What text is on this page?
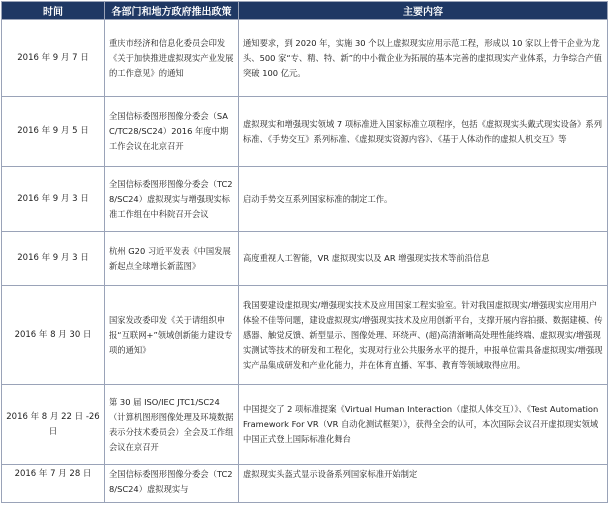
时间	各部门和地方政府推出政策	主要内容
2016 年 9 月 7 日	重庆市经济和信息化委员会印发《关于加快推进虚拟现实产业发展的工作意见》的通知	通知要求，到 2020 年，实施 30 个以上虚拟现实应用示范工程，形成以 10 家以上骨干企业为龙头、500 家“专、精、特、新”的中小微企业为拓展的基本完善的虚拟现实产业体系，力争综合产值突破 100 亿元。
2016 年 9 月 5 日	全国信标委图形图像分委会（SAC/TC28/SC24）2016 年度中期工作会议在北京召开	虚拟现实和增强现实领域 7 项标准进入国家标准立项程序，包括《虚拟现实头戴式现实设备》系列标准、《手势交互》系列标准、《虚拟现实资源内容》、《基于人体动作的虚拟人机交互》等
2016 年 9 月 3 日	全国信标委图形图像分委会（TC28/SC24）虚拟现实与增强现实标准工作组在中科院召开会议	启动手势交互系列国家标准的制定工作。
2016 年 9 月 3 日	杭州 G20 习近平发表《中国发展新起点全球增长新蓝图》	高度重视人工智能，VR 虚拟现实以及 AR 增强现实技术等前沿信息
2016 年 8 月 30 日	国家发改委印发《关于请组织申报“互联网+”领域创新能力建设专项的通知》	我国要建设虚拟现实/增强现实技术及应用国家工程实验室。针对我国虚拟现实/增强现实应用用户体验不佳等问题，建设虚拟现实/增强现实技术及应用创新平台，支撑开展内容拍摄、数据建模、传感器、触觉反馈、新型显示、图像处理、环绕声、(超)高清渐晰高处理性能终端、虚拟现实/增强现实测试等技术的研发和工程化，实现对行业公共服务水平的提升，申报单位需具备虚拟现实/增强现实产品集成研发和产业化能力，并在体育直播、军事、教育等领域取得应用。
2016 年 8 月 22 日 -26 日	第 30 届 ISO/IEC JTC1/SC24（计算机图形图像处理及环境数据表示分技术委员会）全会及工作组会议在京召开	中国提交了 2 项标准提案《Virtual Human Interaction（虚拟人体交互）》、《Test Automation Framework For VR（VR 自动化测试框架）》，获得全会的认可，本次国际会议召开虚拟现实领域中国正式登上国际标准化舞台
2016 年 7 月 28 日	全国信标委图形图像分委会（TC28/SC24）虚拟现实与	虚拟现实头盔式显示设备系列国家标准开始制定
